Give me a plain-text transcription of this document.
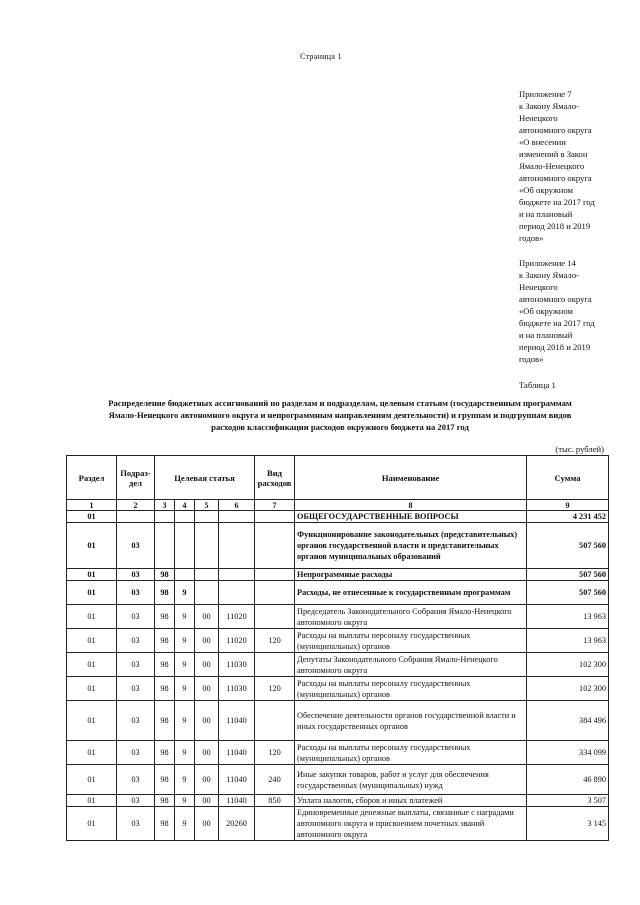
Страница 1
Приложение 7
к Закону Ямало-
Ненецкого
автономного округа
«О внесении
изменений в Закон
Ямало-Ненецкого
автономного округа
«Об окружном
бюджете на 2017 год
и на плановый
период 2018 и 2019
годов»
Приложение 14
к Закону Ямало-
Ненецкого
автономного округа
«Об окружном
бюджете на 2017 год
и на плановый
период 2018 и 2019
годов»
Таблица 1
Распределение бюджетных ассигнований по разделам и подразделам, целевым статьям (государственным программам
Ямало-Ненецкого автономного округа и непрограммным направлениям деятельности) и группам и подгруппам видов
расходов классификации расходов окружного бюджета на 2017 год
(тыс. рублей)
Раздел	Подраз-дел	Целевая статья				Вид расходов	Наименование	Сумма
1	2	3	4	5	6	7	8	9
01							ОБЩЕГОСУДАРСТВЕННЫЕ ВОПРОСЫ	4 231 452
01	03						Функционирование законодательных (представительных) органов государственной власти и представительных органов муниципальных образований	507 560
01	03	98					Непрограммные расходы	507 560
01	03	98	9				Расходы, не отнесенные к государственным программам	507 560
01	03	98	9	00	11020		Председатель Законодательного Собрания Ямало-Ненецкого автономного округа	13 963
01	03	98	9	00	11020	120	Расходы на выплаты персоналу государственных (муниципальных) органов	13 963
01	03	98	9	00	11030		Депутаты Законодательного Собрания Ямало-Ненецкого автономного округа	102 300
01	03	98	9	00	11030	120	Расходы на выплаты персоналу государственных (муниципальных) органов	102 300
01	03	98	9	00	11040		Обеспечение деятельности органов государственной власти и иных государственных органов	384 496
01	03	98	9	00	11040	120	Расходы на выплаты персоналу государственных (муниципальных) органов	334 099
01	03	98	9	00	11040	240	Иные закупки товаров, работ и услуг для обеспечения государственных (муниципальных) нужд	46 890
01	03	98	9	00	11040	850	Уплата налогов, сборов и иных платежей	3 507
01	03	98	9	00	20260		Единовременные денежные выплаты, связанные с наградами автономного округа и присвоением почетных званий автономного округа	3 145
